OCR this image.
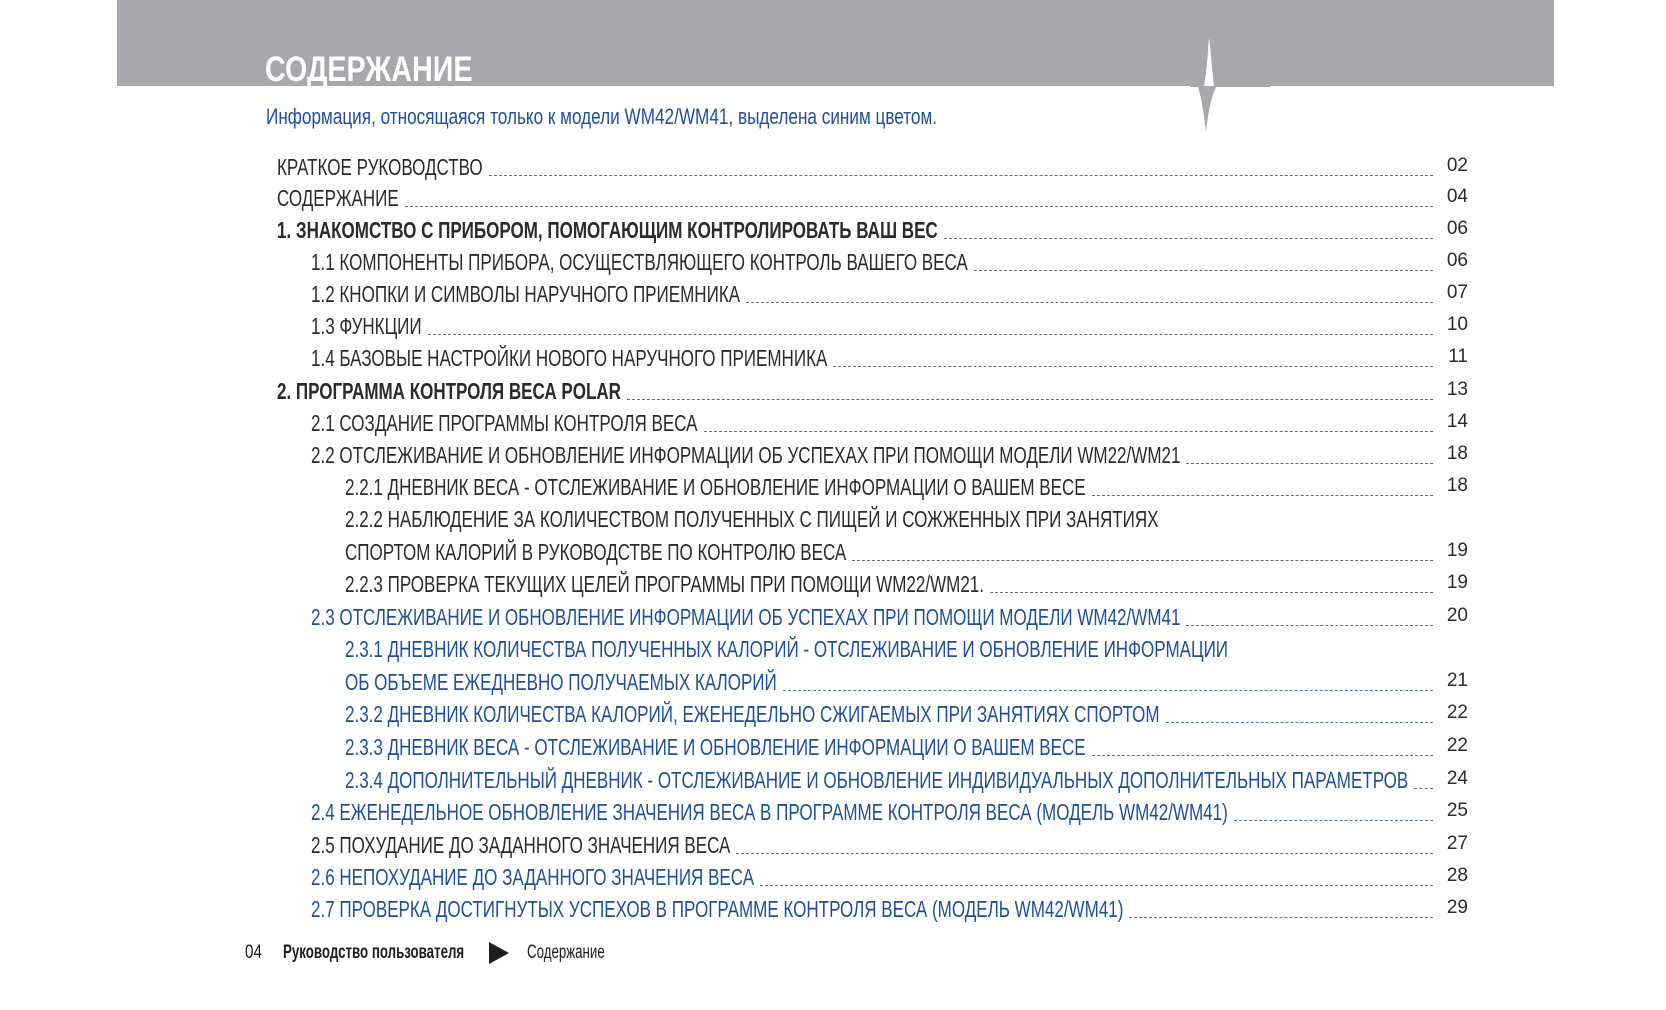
СОДЕРЖАНИЕ
Информация, относящаяся только к модели WM42/WM41, выделена синим цветом.
КРАТКОЕ РУКОВОДСТВО	02
СОДЕРЖАНИЕ	04
1. ЗНАКОМСТВО С ПРИБОРОМ, ПОМОГАЮЩИМ КОНТРОЛИРОВАТЬ ВАШ ВЕС	06
1.1 КОМПОНЕНТЫ ПРИБОРА, ОСУЩЕСТВЛЯЮЩЕГО КОНТРОЛЬ ВАШЕГО ВЕСА	06
1.2 КНОПКИ И СИМВОЛЫ НАРУЧНОГО ПРИЕМНИКА	07
1.3 ФУНКЦИИ	10
1.4 БАЗОВЫЕ НАСТРОЙКИ НОВОГО НАРУЧНОГО ПРИЕМНИКА	11
2. ПРОГРАММА КОНТРОЛЯ ВЕСА POLAR	13
2.1 СОЗДАНИЕ ПРОГРАММЫ КОНТРОЛЯ ВЕСА	14
2.2 ОТСЛЕЖИВАНИЕ И ОБНОВЛЕНИЕ ИНФОРМАЦИИ ОБ УСПЕХАХ ПРИ ПОМОЩИ МОДЕЛИ WM22/WM21	18
2.2.1 ДНЕВНИК ВЕСА - ОТСЛЕЖИВАНИЕ И ОБНОВЛЕНИЕ ИНФОРМАЦИИ О ВАШЕМ ВЕСЕ	18
2.2.2 НАБЛЮДЕНИЕ ЗА КОЛИЧЕСТВОМ ПОЛУЧЕННЫХ С ПИЩЕЙ И СОЖЖЕННЫХ ПРИ ЗАНЯТИЯХ
СПОРТОМ КАЛОРИЙ В РУКОВОДСТВЕ ПО КОНТРОЛЮ ВЕСА	19
2.2.3 ПРОВЕРКА ТЕКУЩИХ ЦЕЛЕЙ ПРОГРАММЫ ПРИ ПОМОЩИ WM22/WM21.	19
2.3 ОТСЛЕЖИВАНИЕ И ОБНОВЛЕНИЕ ИНФОРМАЦИИ ОБ УСПЕХАХ ПРИ ПОМОЩИ МОДЕЛИ WM42/WM41	20
2.3.1 ДНЕВНИК КОЛИЧЕСТВА ПОЛУЧЕННЫХ КАЛОРИЙ - ОТСЛЕЖИВАНИЕ И ОБНОВЛЕНИЕ ИНФОРМАЦИИ
ОБ ОБЪЕМЕ ЕЖЕДНЕВНО ПОЛУЧАЕМЫХ КАЛОРИЙ	21
2.3.2 ДНЕВНИК КОЛИЧЕСТВА КАЛОРИЙ, ЕЖЕНЕДЕЛЬНО СЖИГАЕМЫХ ПРИ ЗАНЯТИЯХ СПОРТОМ	22
2.3.3 ДНЕВНИК ВЕСА - ОТСЛЕЖИВАНИЕ И ОБНОВЛЕНИЕ ИНФОРМАЦИИ О ВАШЕМ ВЕСЕ	22
2.3.4 ДОПОЛНИТЕЛЬНЫЙ ДНЕВНИК - ОТСЛЕЖИВАНИЕ И ОБНОВЛЕНИЕ ИНДИВИДУАЛЬНЫХ ДОПОЛНИТЕЛЬНЫХ ПАРАМЕТРОВ	24
2.4 ЕЖЕНЕДЕЛЬНОЕ ОБНОВЛЕНИЕ ЗНАЧЕНИЯ ВЕСА В ПРОГРАММЕ КОНТРОЛЯ ВЕСА (МОДЕЛЬ WM42/WM41)	25
2.5 ПОХУДАНИЕ ДО ЗАДАННОГО ЗНАЧЕНИЯ ВЕСА	27
2.6 НЕПОХУДАНИЕ ДО ЗАДАННОГО ЗНАЧЕНИЯ ВЕСА	28
2.7 ПРОВЕРКА ДОСТИГНУТЫХ УСПЕХОВ В ПРОГРАММЕ КОНТРОЛЯ ВЕСА (МОДЕЛЬ WM42/WM41)	29
04 Руководство пользователя	Содержание
